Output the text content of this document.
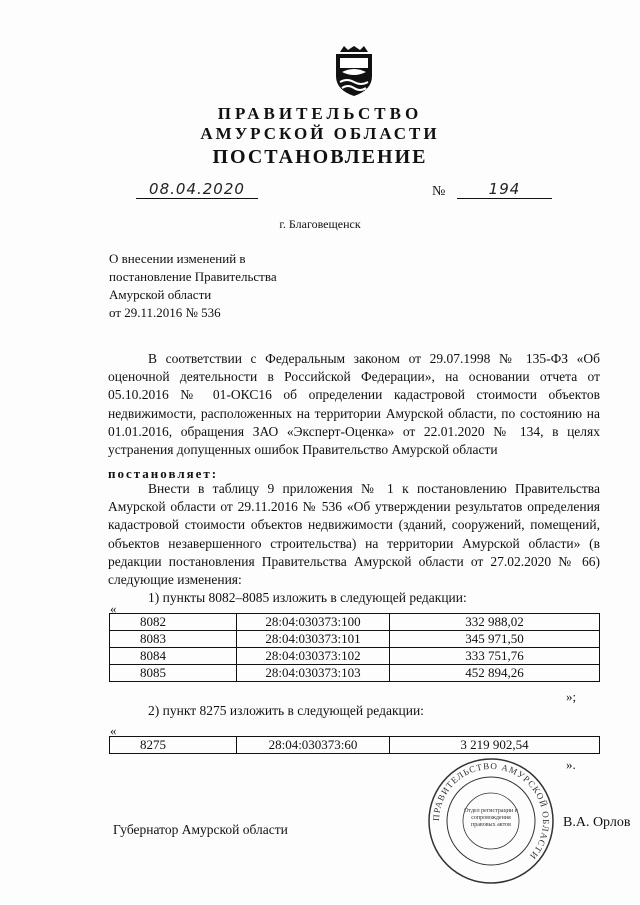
ПРАВИТЕЛЬСТВО
АМУРСКОЙ ОБЛАСТИ
ПОСТАНОВЛЕНИЕ
08.04.2020	№	194
г. Благовещенск
О внесении изменений в
постановление Правительства
Амурской области
от 29.11.2016 № 536
В соответствии с Федеральным законом от 29.07.1998 № 135-ФЗ «Об оценочной деятельности в Российской Федерации», на основании отчета от 05.10.2016 № 01-ОКС16 об определении кадастровой стоимости объектов недвижимости, расположенных на территории Амурской области, по состоянию на 01.01.2016, обращения ЗАО «Эксперт-Оценка» от 22.01.2020 № 134, в целях устранения допущенных ошибок Правительство Амурской области
постановляет:
Внести в таблицу 9 приложения № 1 к постановлению Правительства Амурской области от 29.11.2016 № 536 «Об утверждении результатов определения кадастровой стоимости объектов недвижимости (зданий, сооружений, помещений, объектов незавершенного строительства) на территории Амурской области» (в редакции постановления Правительства Амурской области от 27.02.2020 № 66) следующие изменения:
1) пункты 8082–8085 изложить в следующей редакции:
«
8082	28:04:030373:100	332 988,02
8083	28:04:030373:101	345 971,50
8084	28:04:030373:102	333 751,76
8085	28:04:030373:103	452 894,26
»;
2) пункт 8275 изложить в следующей редакции:
«
8275	28:04:030373:60	3 219 902,54
».
ПРАВИТЕЛЬСТВО АМУРСКОЙ ОБЛАСТИ
Отдел регистрации и сопровождения правовых актов
Губернатор Амурской области	В.А. Орлов
